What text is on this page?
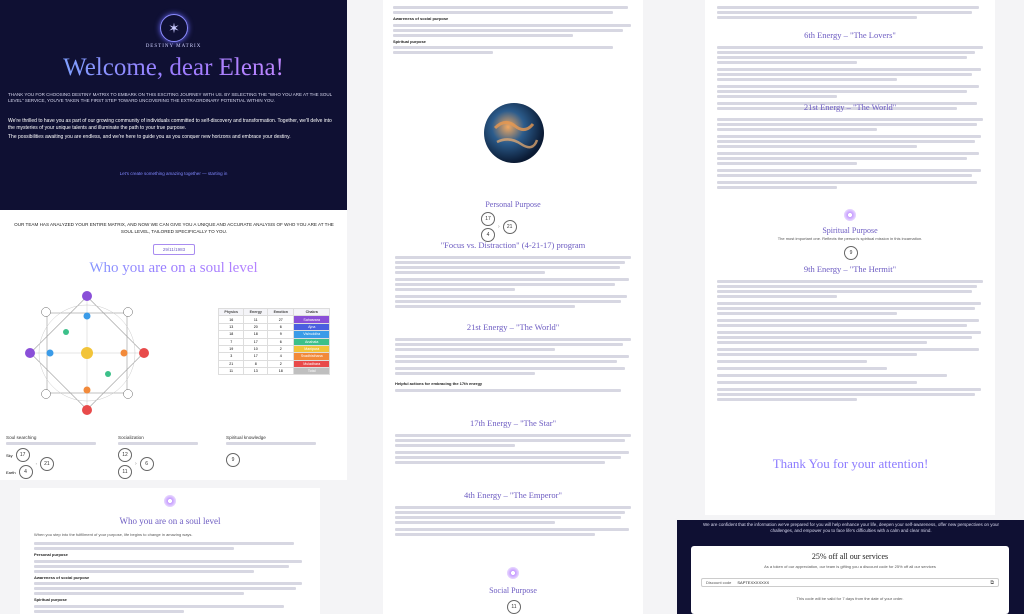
✶
DESTINY MATRIX
Welcome, dear Elena!
THANK YOU FOR CHOOSING DESTINY MATRIX TO EMBARK ON THIS EXCITING JOURNEY WITH US. BY SELECTING THE "WHO YOU ARE AT THE SOUL LEVEL" SERVICE, YOU'VE TAKEN THE FIRST STEP TOWARD UNCOVERING THE EXTRAORDINARY POTENTIAL WITHIN YOU.
We're thrilled to have you as part of our growing community of individuals committed to self-discovery and transformation. Together, we'll delve into the mysteries of your unique talents and illuminate the path to your true purpose.
The possibilities awaiting you are endless, and we're here to guide you as you conquer new horizons and embrace your destiny.
Let's create something amazing together — starting in
OUR TEAM HAS ANALYZED YOUR ENTIRE MATRIX, AND NOW WE CAN GIVE YOU A UNIQUE AND ACCURATE ANALYSIS OF WHO YOU ARE AT THE SOUL LEVEL, TAILORED SPECIFICALLY TO YOU.
29/11/1983
Who you are on a soul level
Physics	Energy	Emotion	Chakra
16	11	27	Sahasrara
13	20	6	Ajna
18	18	9	Vishuddha
7	17	6	Anahata
19	10	2	Manipura
3	17	4	Svadhisthana
21	8	2	Muladhara
11	13	18	Total
Soul searching
Sky	17
Earth	4
›	21
Socialization
12
11
›	6
Spiritual knowledge
9
Who you are on a soul level
When you step into the fulfillment of your purpose, life begins to change in amazing ways.
Personal purpose
Awareness of social purpose
Spiritual purpose
Awareness of social purpose
Spiritual purpose
Personal Purpose
17
4
›	21
"Focus vs. Distraction" (4-21-17) program
21st Energy – "The World"
Helpful actions for embracing the 17th energy
17th Energy – "The Star"
4th Energy – "The Emperor"
Social Purpose
11
6th Energy – "The Lovers"
21st Energy – "The World"
Spiritual Purpose
The most important one. Reflects the person's spiritual mission in this incarnation.
9
9th Energy – "The Hermit"
Thank You for your attention!
We are confident that the information we've prepared for you will help enhance your life, deepen your self-awareness, offer new perspectives on your challenges, and empower you to face life's difficulties with a calm and clear mind.
25% off all our services
As a token of our appreciation, our team is gifting you a discount code for 25% off all our services
Discount code SAPTEXXXXXXX	⧉
This code will be valid for 7 days from the date of your order.
